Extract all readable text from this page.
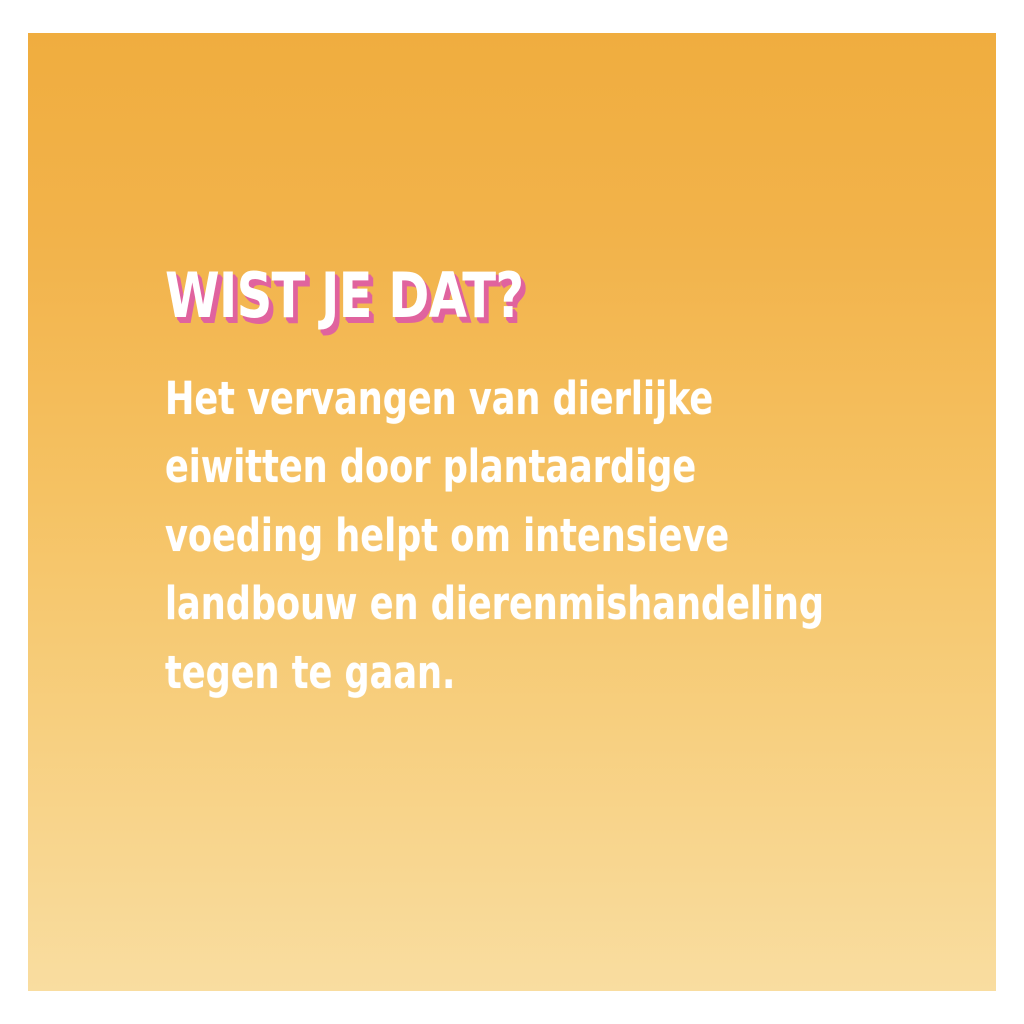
WIST JE DAT?

Het vervangen van dierlijke eiwitten door plantaardige voeding helpt om intensieve landbouw en dierenmishandeling tegen te gaan.
